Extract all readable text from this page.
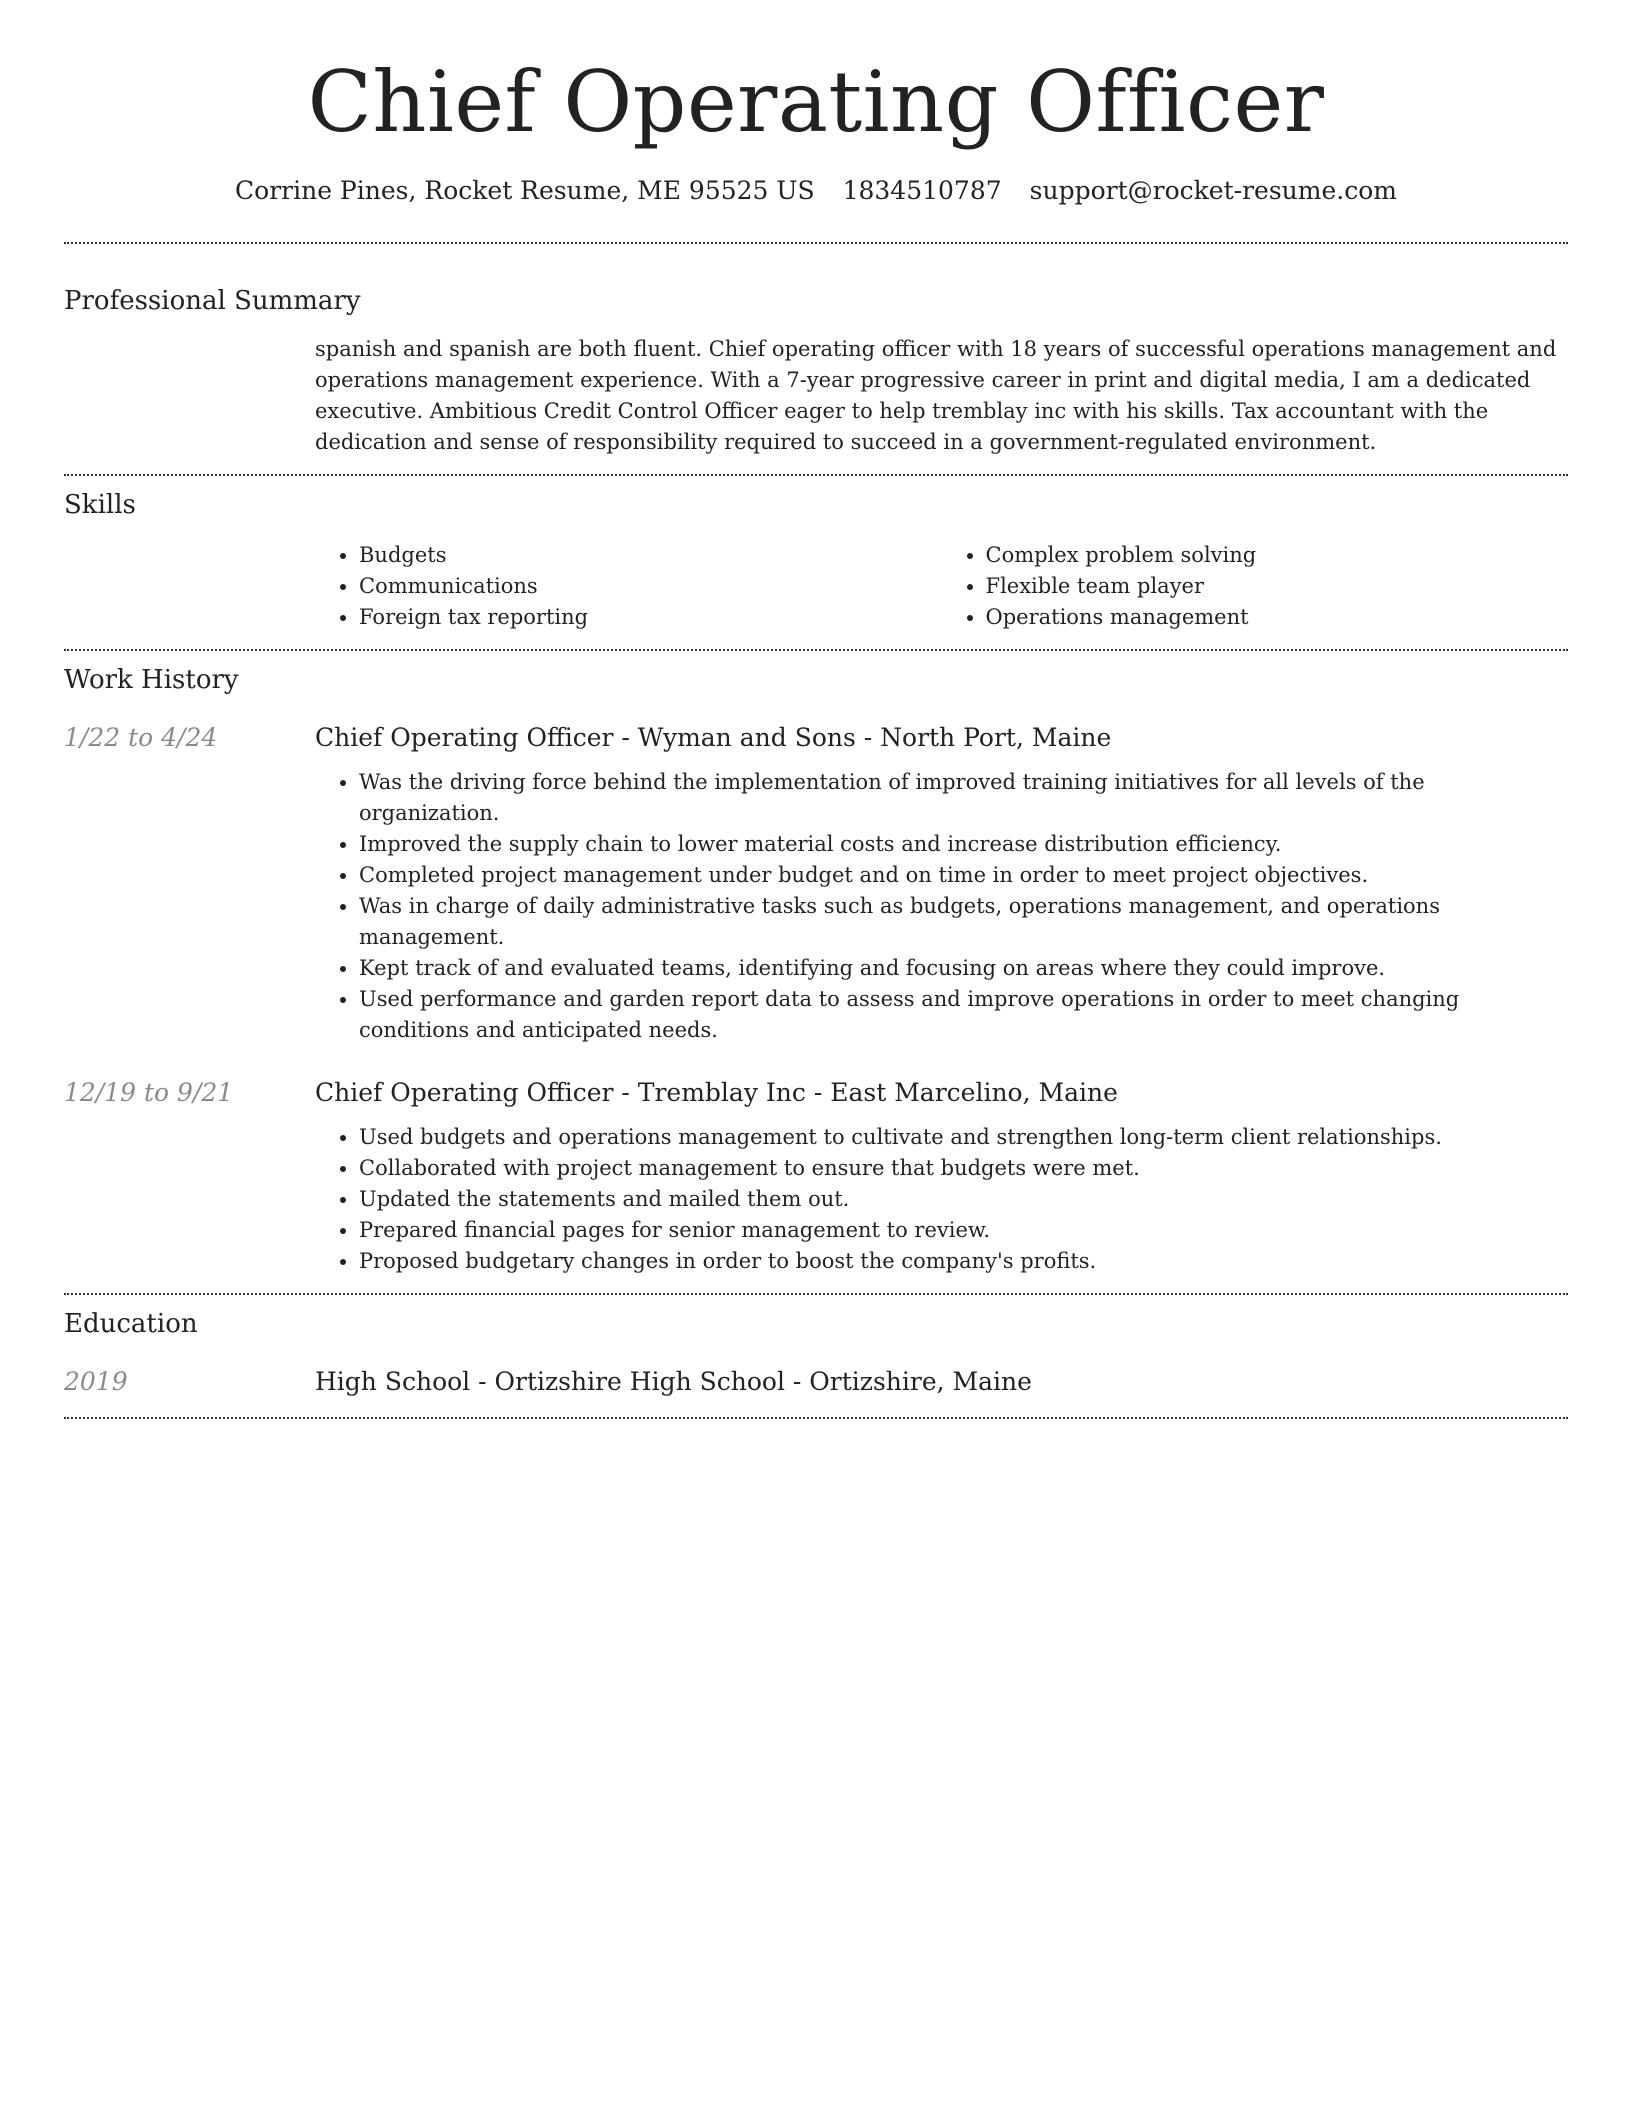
Chief Operating Officer
Corrine Pines, Rocket Resume, ME 95525 US 1834510787 support@rocket-resume.com
Professional Summary

spanish and spanish are both fluent. Chief operating officer with 18 years of successful operations management and operations management experience. With a 7-year progressive career in print and digital media, I am a dedicated executive. Ambitious Credit Control Officer eager to help tremblay inc with his skills. Tax accountant with the dedication and sense of responsibility required to succeed in a government-regulated environment.

Skills
• Budgets
• Communications
• Foreign tax reporting
• Complex problem solving
• Flexible team player
• Operations management
Work History
1/22 to 4/24	Chief Operating Officer - Wyman and Sons - North Port, Maine

• Was the driving force behind the implementation of improved training initiatives for all levels of the organization.
• Improved the supply chain to lower material costs and increase distribution efficiency.
• Completed project management under budget and on time in order to meet project objectives.
• Was in charge of daily administrative tasks such as budgets, operations management, and operations management.
• Kept track of and evaluated teams, identifying and focusing on areas where they could improve.
• Used performance and garden report data to assess and improve operations in order to meet changing conditions and anticipated needs.
12/19 to 9/21	Chief Operating Officer - Tremblay Inc - East Marcelino, Maine

• Used budgets and operations management to cultivate and strengthen long-term client relationships.
• Collaborated with project management to ensure that budgets were met.
• Updated the statements and mailed them out.
• Prepared financial pages for senior management to review.
• Proposed budgetary changes in order to boost the company's profits.
Education
2019	High School - Ortizshire High School - Ortizshire, Maine
